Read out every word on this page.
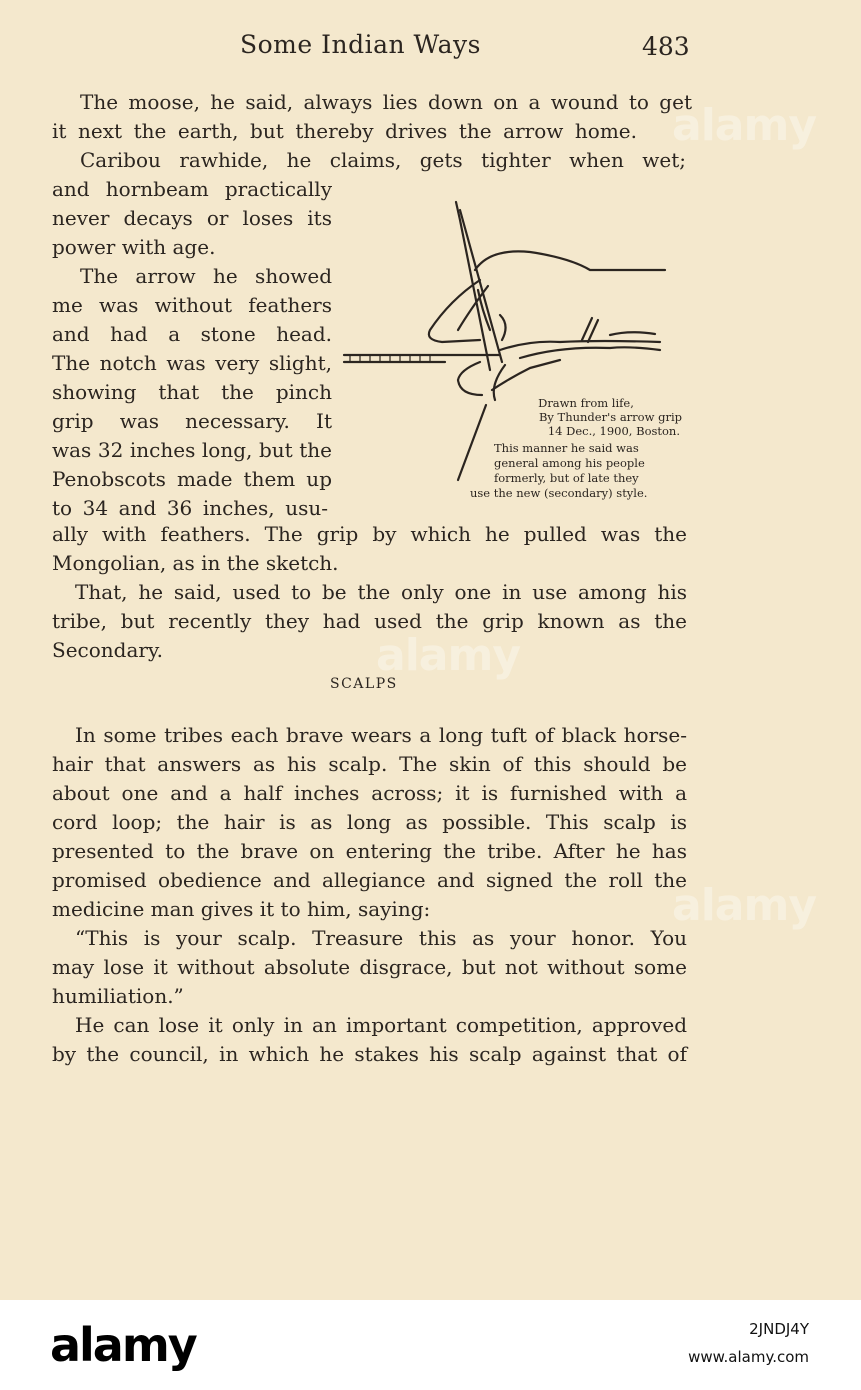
Some Indian Ways	483
The moose, he said, always lies down on a wound to get
it next the earth, but thereby drives the arrow home.
Caribou rawhide, he claims, gets tighter when wet;
and hornbeam practically
never decays or loses its
power with age.
The arrow he showed
me was without feathers
and had a stone head.
The notch was very slight,
showing that the pinch
grip was necessary. It
was 32 inches long, but the
Penobscots made them up
to 34 and 36 inches, usu-
Drawn from life,
By Thunder's arrow grip
14 Dec., 1900, Boston.
This manner he said was
general among his people
formerly, but of late they
use the new (secondary) style.
ally with feathers. The grip by which he pulled was the
Mongolian, as in the sketch.
That, he said, used to be the only one in use among his
tribe, but recently they had used the grip known as the
Secondary.
SCALPS
In some tribes each brave wears a long tuft of black horse-
hair that answers as his scalp. The skin of this should be
about one and a half inches across; it is furnished with a
cord loop; the hair is as long as possible. This scalp is
presented to the brave on entering the tribe. After he has
promised obedience and allegiance and signed the roll the
medicine man gives it to him, saying:
“This is your scalp. Treasure this as your honor. You
may lose it without absolute disgrace, but not without some
humiliation.”
He can lose it only in an important competition, approved
by the council, in which he stakes his scalp against that of
alamy
alamy
alamy
alamy	2JNDJ4Y
www.alamy.com
